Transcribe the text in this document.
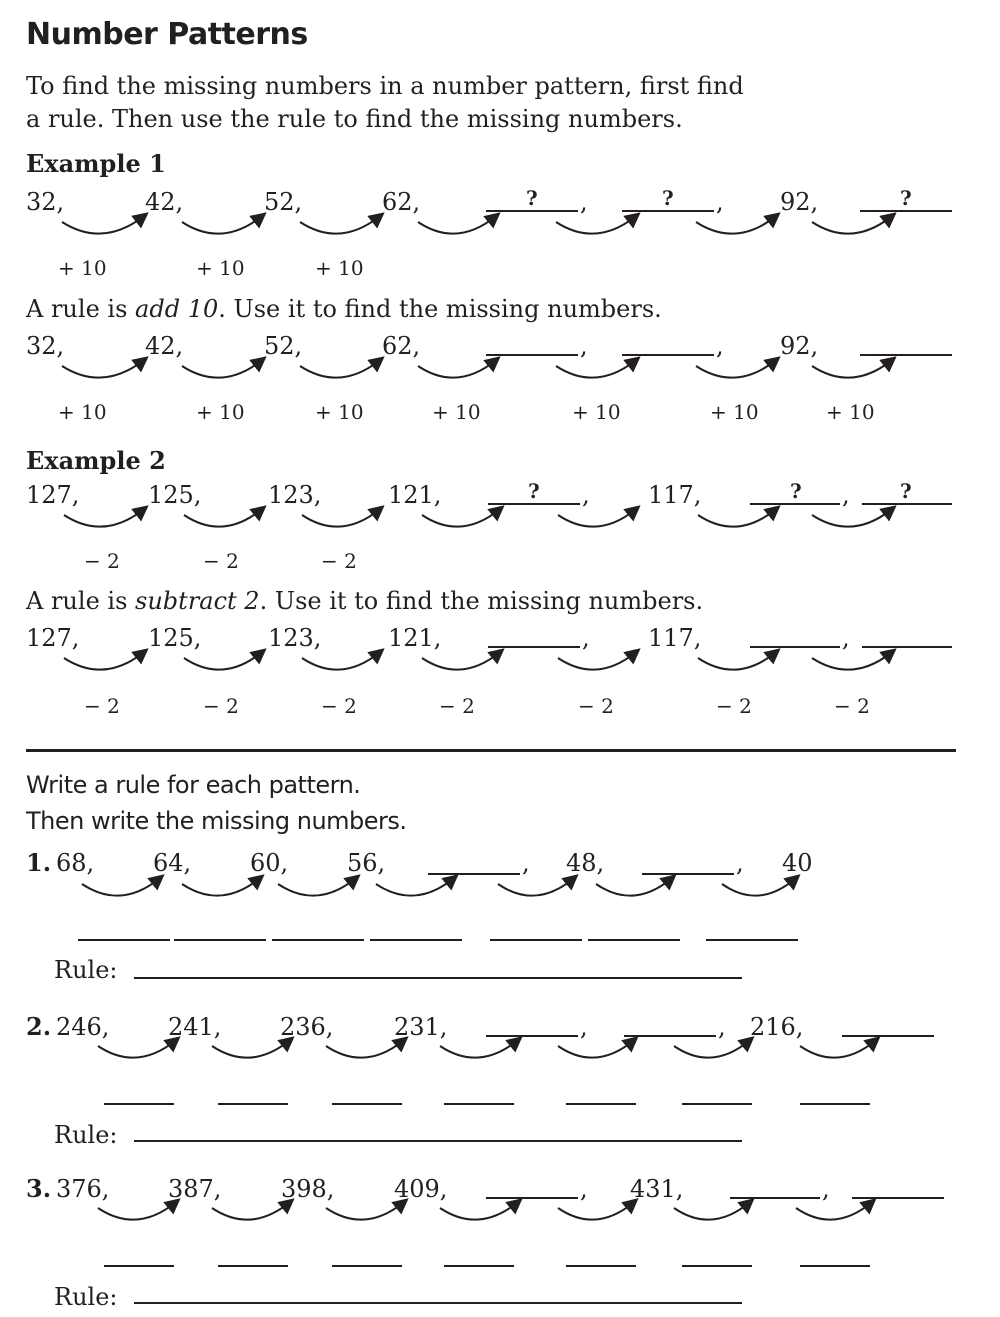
Number Patterns
To find the missing numbers in a number pattern, first find
a rule. Then use the rule to find the missing numbers.
Example 1
32,	42,	52,	62,	? ,	? , 92,	?
+ 10	+ 10	+ 10
A rule is add 10. Use it to find the missing numbers.
32,	42,	52,	62,	,	, 92,
+ 10	+ 10	+ 10	+ 10	+ 10	+ 10	+ 10
Example 2
127,	125,	123,	121,	? , 117,	? ,	?
− 2	− 2	− 2
A rule is subtract 2. Use it to find the missing numbers.
127,	125,	123,	121,	, 117,	,
− 2	− 2	− 2	− 2	− 2	− 2	− 2
Write a rule for each pattern.
Then write the missing numbers.
1. 68, 64, 60, 56,	, 48,	, 40
Rule:
2. 246, 241, 236,	231,	,	, 216,
Rule:
3. 376, 387, 398, 409,	, 431,	,
Rule:
